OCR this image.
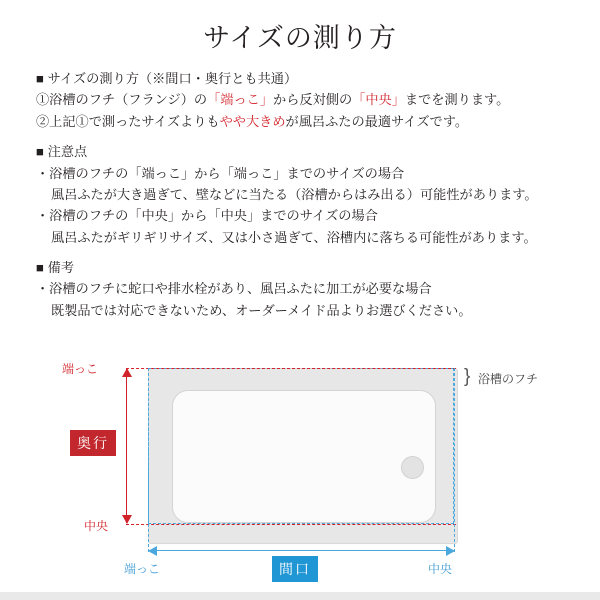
サイズの測り方
■ サイズの測り方（※間口・奥行とも共通）
①浴槽のフチ（フランジ）の「端っこ」から反対側の「中央」までを測ります。
②上記①で測ったサイズよりもやや大きめが風呂ふたの最適サイズです。
■ 注意点
・浴槽のフチの「端っこ」から「端っこ」までのサイズの場合
風呂ふたが大き過ぎて、壁などに当たる（浴槽からはみ出る）可能性があります。
・浴槽のフチの「中央」から「中央」までのサイズの場合
風呂ふたがギリギリサイズ、又は小さ過ぎて、浴槽内に落ちる可能性があります。
■ 備考
・浴槽のフチに蛇口や排水栓があり、風呂ふたに加工が必要な場合
既製品では対応できないため、オーダーメイド品よりお選びください。
端っこ
中央
端っこ	中央
奥行
間口
} 浴槽のフチ
